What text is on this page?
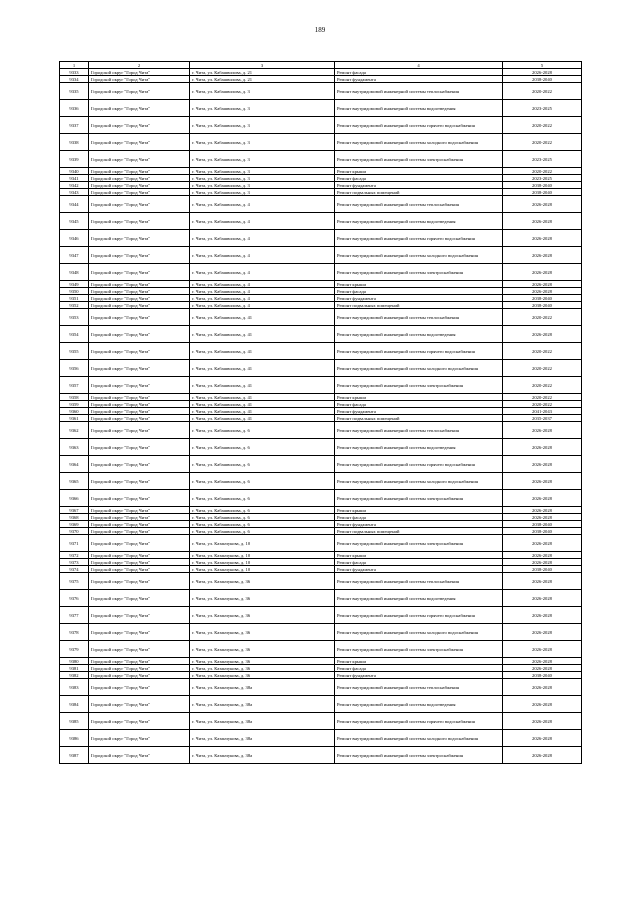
189
1	2	3	4	5
9333	Городской округ "Город Чита"	г. Чита, ул. Кабашвилова, д. 21	Ремонт фасада	2026-2028
9334	Городской округ "Город Чита"	г. Чита, ул. Кабашвилова, д. 21	Ремонт фундамента	2038-2040
9335	Городской округ "Город Чита"	г. Чита, ул. Кабашвилова, д. 3	Ремонт внутридомовой инженерной системы теплоснабжения	2020-2022
9336	Городской округ "Город Чита"	г. Чита, ул. Кабашвилова, д. 3	Ремонт внутридомовой инженерной системы водоотведения	2023-2025
9337	Городской округ "Город Чита"	г. Чита, ул. Кабашвилова, д. 3	Ремонт внутридомовой инженерной системы горячего водоснабжения	2020-2022
9338	Городской округ "Город Чита"	г. Чита, ул. Кабашвилова, д. 3	Ремонт внутридомовой инженерной системы холодного водоснабжения	2020-2022
9339	Городской округ "Город Чита"	г. Чита, ул. Кабашвилова, д. 3	Ремонт внутридомовой инженерной системы электроснабжения	2023-2025
9340	Городской округ "Город Чита"	г. Чита, ул. Кабашвилова, д. 3	Ремонт крыши	2020-2022
9341	Городской округ "Город Чита"	г. Чита, ул. Кабашвилова, д. 3	Ремонт фасада	2023-2025
9342	Городской округ "Город Чита"	г. Чита, ул. Кабашвилова, д. 3	Ремонт фундамента	2038-2040
9343	Городской округ "Город Чита"	г. Чита, ул. Кабашвилова, д. 3	Ремонт подвальных помещений	2038-2040
9344	Городской округ "Город Чита"	г. Чита, ул. Кабашвилова, д. 4	Ремонт внутридомовой инженерной системы теплоснабжения	2026-2028
9345	Городской округ "Город Чита"	г. Чита, ул. Кабашвилова, д. 4	Ремонт внутридомовой инженерной системы водоотведения	2026-2028
9346	Городской округ "Город Чита"	г. Чита, ул. Кабашвилова, д. 4	Ремонт внутридомовой инженерной системы горячего водоснабжения	2026-2028
9347	Городской округ "Город Чита"	г. Чита, ул. Кабашвилова, д. 4	Ремонт внутридомовой инженерной системы холодного водоснабжения	2026-2028
9348	Городской округ "Город Чита"	г. Чита, ул. Кабашвилова, д. 4	Ремонт внутридомовой инженерной системы электроснабжения	2026-2028
9349	Городской округ "Город Чита"	г. Чита, ул. Кабашвилова, д. 4	Ремонт крыши	2026-2028
9350	Городской округ "Город Чита"	г. Чита, ул. Кабашвилова, д. 4	Ремонт фасада	2026-2028
9351	Городской округ "Город Чита"	г. Чита, ул. Кабашвилова, д. 4	Ремонт фундамента	2038-2040
9352	Городской округ "Город Чита"	г. Чита, ул. Кабашвилова, д. 4	Ремонт подвальных помещений	2038-2040
9353	Городской округ "Город Чита"	г. Чита, ул. Кабашвилова, д. 41	Ремонт внутридомовой инженерной системы теплоснабжения	2020-2022
9354	Городской округ "Город Чита"	г. Чита, ул. Кабашвилова, д. 41	Ремонт внутридомовой инженерной системы водоотведения	2026-2028
9355	Городской округ "Город Чита"	г. Чита, ул. Кабашвилова, д. 41	Ремонт внутридомовой инженерной системы горячего водоснабжения	2020-2022
9356	Городской округ "Город Чита"	г. Чита, ул. Кабашвилова, д. 41	Ремонт внутридомовой инженерной системы холодного водоснабжения	2020-2022
9357	Городской округ "Город Чита"	г. Чита, ул. Кабашвилова, д. 41	Ремонт внутридомовой инженерной системы электроснабжения	2020-2022
9358	Городской округ "Город Чита"	г. Чита, ул. Кабашвилова, д. 41	Ремонт крыши	2020-2022
9359	Городской округ "Город Чита"	г. Чита, ул. Кабашвилова, д. 41	Ремонт фасада	2020-2022
9360	Городской округ "Город Чита"	г. Чита, ул. Кабашвилова, д. 41	Ремонт фундамента	2041-2043
9361	Городской округ "Город Чита"	г. Чита, ул. Кабашвилова, д. 41	Ремонт подвальных помещений	2035-2037
9362	Городской округ "Город Чита"	г. Чита, ул. Кабашвилова, д. 6	Ремонт внутридомовой инженерной системы теплоснабжения	2026-2028
9363	Городской округ "Город Чита"	г. Чита, ул. Кабашвилова, д. 6	Ремонт внутридомовой инженерной системы водоотведения	2026-2028
9364	Городской округ "Город Чита"	г. Чита, ул. Кабашвилова, д. 6	Ремонт внутридомовой инженерной системы горячего водоснабжения	2026-2028
9365	Городской округ "Город Чита"	г. Чита, ул. Кабашвилова, д. 6	Ремонт внутридомовой инженерной системы холодного водоснабжения	2026-2028
9366	Городской округ "Город Чита"	г. Чита, ул. Кабашвилова, д. 6	Ремонт внутридомовой инженерной системы электроснабжения	2026-2028
9367	Городской округ "Город Чита"	г. Чита, ул. Кабашвилова, д. 6	Ремонт крыши	2026-2028
9368	Городской округ "Город Чита"	г. Чита, ул. Кабашвилова, д. 6	Ремонт фасада	2026-2028
9369	Городской округ "Город Чита"	г. Чита, ул. Кабашвилова, д. 6	Ремонт фундамента	2038-2040
9370	Городской округ "Город Чита"	г. Чита, ул. Кабашвилова, д. 6	Ремонт подвальных помещений	2038-2040
9371	Городской округ "Город Чита"	г. Чита, ул. Казанчукова, д. 10	Ремонт внутридомовой инженерной системы электроснабжения	2026-2028
9372	Городской округ "Город Чита"	г. Чита, ул. Казанчукова, д. 10	Ремонт крыши	2026-2028
9373	Городской округ "Город Чита"	г. Чита, ул. Казанчукова, д. 10	Ремонт фасада	2026-2028
9374	Городской округ "Город Чита"	г. Чита, ул. Казанчукова, д. 10	Ремонт фундамента	2038-2040
9375	Городской округ "Город Чита"	г. Чита, ул. Казанчукова, д. 36	Ремонт внутридомовой инженерной системы теплоснабжения	2026-2028
9376	Городской округ "Город Чита"	г. Чита, ул. Казанчукова, д. 36	Ремонт внутридомовой инженерной системы водоотведения	2026-2028
9377	Городской округ "Город Чита"	г. Чита, ул. Казанчукова, д. 36	Ремонт внутридомовой инженерной системы горячего водоснабжения	2026-2028
9378	Городской округ "Город Чита"	г. Чита, ул. Казанчукова, д. 36	Ремонт внутридомовой инженерной системы холодного водоснабжения	2026-2028
9379	Городской округ "Город Чита"	г. Чита, ул. Казанчукова, д. 36	Ремонт внутридомовой инженерной системы электроснабжения	2026-2028
9380	Городской округ "Город Чита"	г. Чита, ул. Казанчукова, д. 36	Ремонт крыши	2026-2028
9381	Городской округ "Город Чита"	г. Чита, ул. Казанчукова, д. 36	Ремонт фасада	2026-2028
9382	Городской округ "Город Чита"	г. Чита, ул. Казанчукова, д. 36	Ремонт фундамента	2038-2040
9383	Городской округ "Город Чита"	г. Чита, ул. Казанчукова, д. 38а	Ремонт внутридомовой инженерной системы теплоснабжения	2026-2028
9384	Городской округ "Город Чита"	г. Чита, ул. Казанчукова, д. 38а	Ремонт внутридомовой инженерной системы водоотведения	2026-2028
9385	Городской округ "Город Чита"	г. Чита, ул. Казанчукова, д. 38а	Ремонт внутридомовой инженерной системы горячего водоснабжения	2026-2028
9386	Городской округ "Город Чита"	г. Чита, ул. Казанчукова, д. 38а	Ремонт внутридомовой инженерной системы холодного водоснабжения	2026-2028
9387	Городской округ "Город Чита"	г. Чита, ул. Казанчукова, д. 38а	Ремонт внутридомовой инженерной системы электроснабжения	2026-2028
